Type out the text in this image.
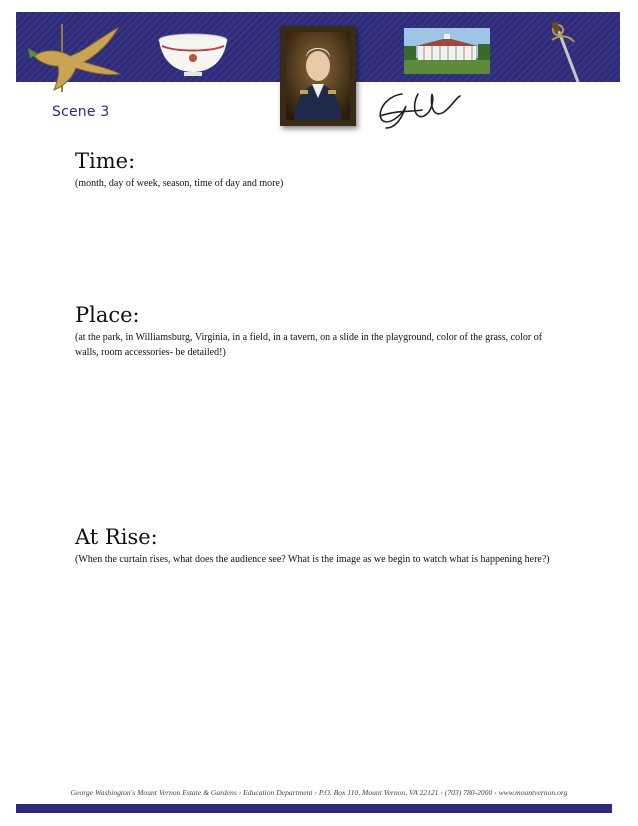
Scene 3
Time:

(month, day of week, season, time of day and more)

Place:

(at the park, in Williamsburg, Virginia, in a field, in a tavern, on a slide in the playground, color of the grass, color of walls, room accessories- be detailed!)

At Rise:

(When the curtain rises, what does the audience see? What is the image as we begin to watch what is happening here?)

George Washington's Mount Vernon Estate & Gardens › Education Department › P.O. Box 110, Mount Vernon, VA 22121 › (703) 780-2000 › www.mountvernon.org
